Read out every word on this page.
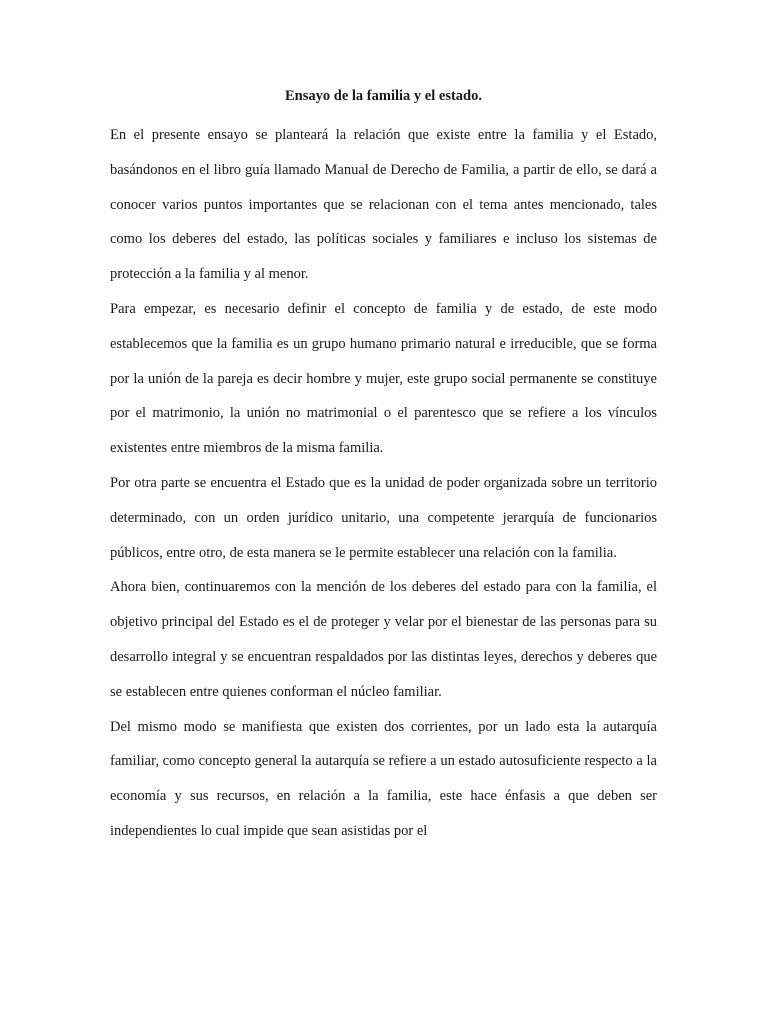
Ensayo de la familia y el estado.

En el presente ensayo se planteará la relación que existe entre la familia y el Estado, basándonos en el libro guía llamado Manual de Derecho de Familia, a partir de ello, se dará a conocer varios puntos importantes que se relacionan con el tema antes mencionado, tales como los deberes del estado, las políticas sociales y familiares e incluso los sistemas de protección a la familia y al menor.

Para empezar, es necesario definir el concepto de familia y de estado, de este modo establecemos que la familia es un grupo humano primario natural e irreducible, que se forma por la unión de la pareja es decir hombre y mujer, este grupo social permanente se constituye por el matrimonio, la unión no matrimonial o el parentesco que se refiere a los vínculos existentes entre miembros de la misma familia.

Por otra parte se encuentra el Estado que es la unidad de poder organizada sobre un territorio determinado, con un orden jurídico unitario, una competente jerarquía de funcionarios públicos, entre otro, de esta manera se le permite establecer una relación con la familia.

Ahora bien, continuaremos con la mención de los deberes del estado para con la familia, el objetivo principal del Estado es el de proteger y velar por el bienestar de las personas para su desarrollo integral y se encuentran respaldados por las distintas leyes, derechos y deberes que se establecen entre quienes conforman el núcleo familiar.

Del mismo modo se manifiesta que existen dos corrientes, por un lado esta la autarquía familiar, como concepto general la autarquía se refiere a un estado autosuficiente respecto a la economía y sus recursos, en relación a la familia, este hace énfasis a que deben ser independientes lo cual impide que sean asistidas por el
